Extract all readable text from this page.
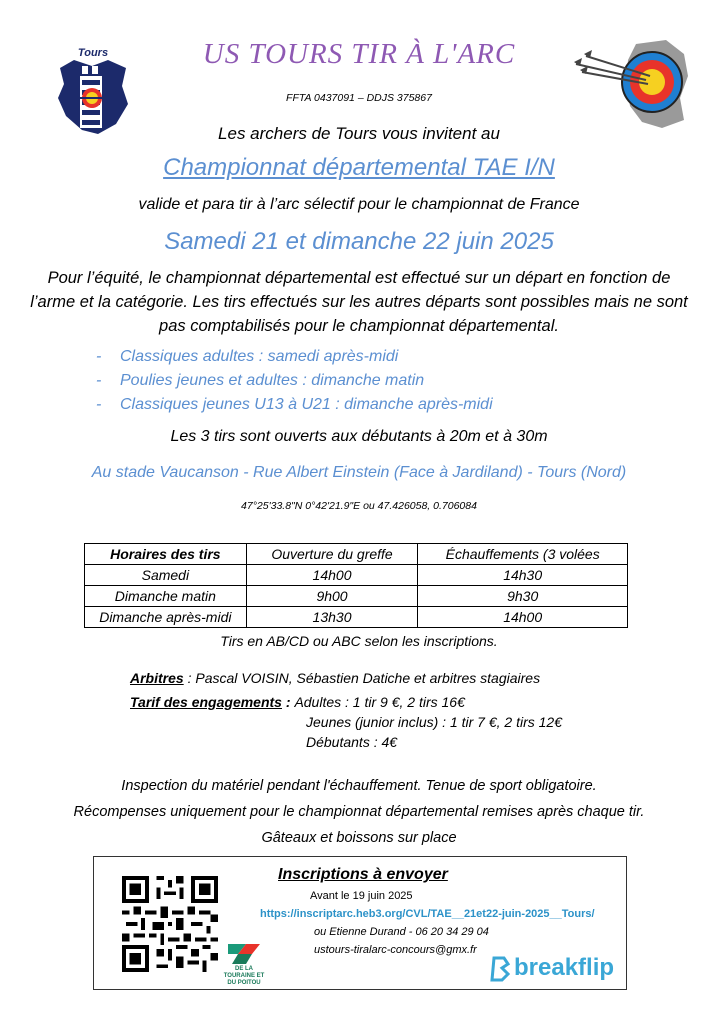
Tours	US TOURS TIR À L'ARC
FFTA 0437091 – DDJS 375867
Les archers de Tours vous invitent au
Championnat départemental TAE I/N
valide et para tir à l’arc sélectif pour le championnat de France
Samedi 21 et dimanche 22 juin 2025
Pour l’équité, le championnat départemental est effectué sur un départ en fonction de l’arme et la catégorie. Les tirs effectués sur les autres départs sont possibles mais ne sont pas comptabilisés pour le championnat départemental.
- Classiques adultes : samedi après-midi
- Poulies jeunes et adultes : dimanche matin
- Classiques jeunes U13 à U21 : dimanche après-midi
Les 3 tirs sont ouverts aux débutants à 20m et à 30m
Au stade Vaucanson - Rue Albert Einstein (Face à Jardiland) - Tours (Nord)
47°25'33.8"N 0°42'21.9"E ou 47.426058, 0.706084
Horaires des tirs	Ouverture du greffe	Échauffements (3 volées
Samedi	14h00	14h30
Dimanche matin	9h00	9h30
Dimanche après-midi	13h30	14h00
Tirs en AB/CD ou ABC selon les inscriptions.
Arbitres : Pascal VOISIN, Sébastien Datiche et arbitres stagiaires
Tarif des engagements : Adultes : 1 tir 9 €, 2 tirs 16€
Jeunes (junior inclus) : 1 tir 7 €, 2 tirs 12€
Débutants : 4€
Inspection du matériel pendant l'échauffement. Tenue de sport obligatoire.
Récompenses uniquement pour le championnat départemental remises après chaque tir.
Gâteaux et boissons sur place
Inscriptions à envoyer
Avant le 19 juin 2025
https://inscriptarc.heb3.org/CVL/TAE__21et22-juin-2025__Tours/
ou Etienne Durand - 06 20 34 29 04
ustours-tiralarc-concours@gmx.fr
DE LA TOURAINE ET DU POITOU
breakflip
